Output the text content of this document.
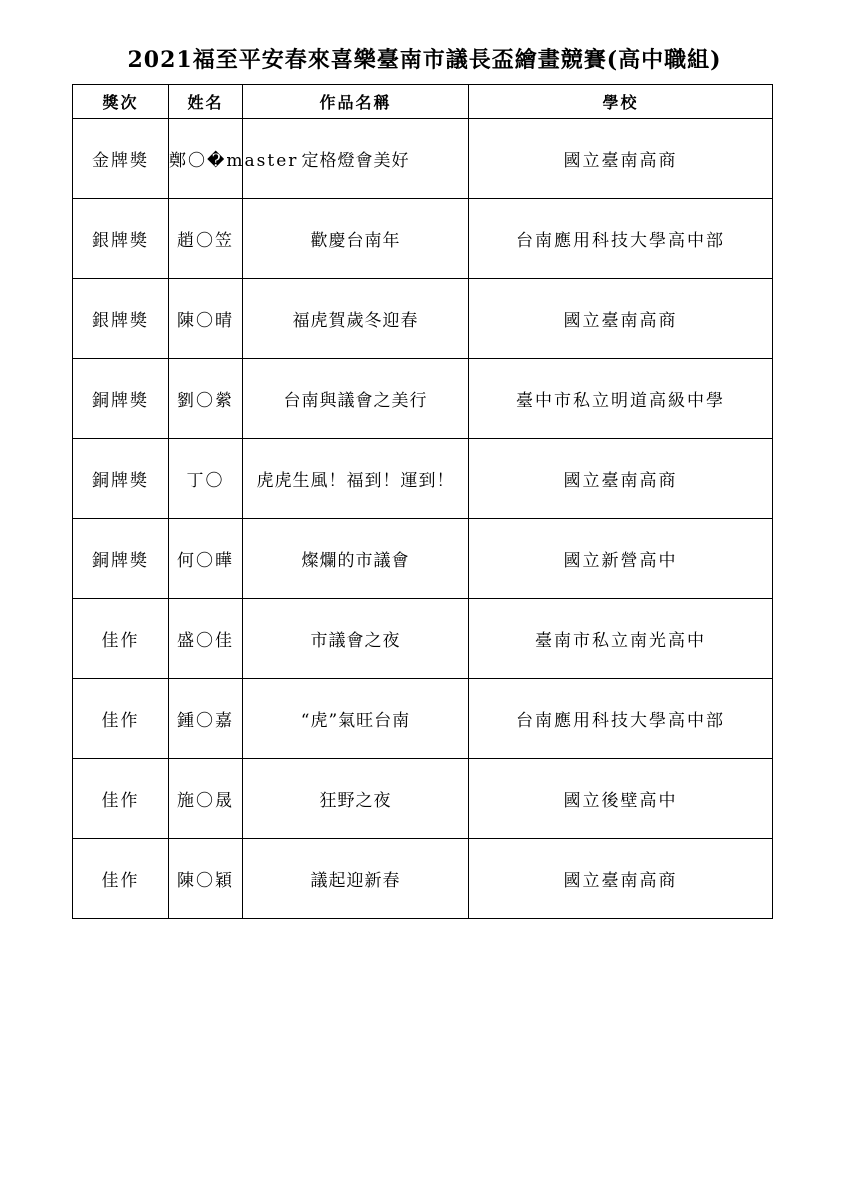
2021福至平安春來喜樂臺南市議長盃繪畫競賽(高中職組)
獎次	姓名	作品名稱	學校
金牌獎	鄭〇�master	定格燈會美好	國立臺南高商
銀牌獎	趙〇笠	歡慶台南年	台南應用科技大學高中部
銀牌獎	陳〇晴	福虎賀歲冬迎春	國立臺南高商
銅牌獎	劉〇縈	台南與議會之美行	臺中市私立明道高級中學
銅牌獎	丁〇	虎虎生風！福到！運到！	國立臺南高商
銅牌獎	何〇曄	燦爛的市議會	國立新營高中
佳作	盛〇佳	市議會之夜	臺南市私立南光高中
佳作	鍾〇嘉	“虎”氣旺台南	台南應用科技大學高中部
佳作	施〇晟	狂野之夜	國立後壁高中
佳作	陳〇穎	議起迎新春	國立臺南高商
